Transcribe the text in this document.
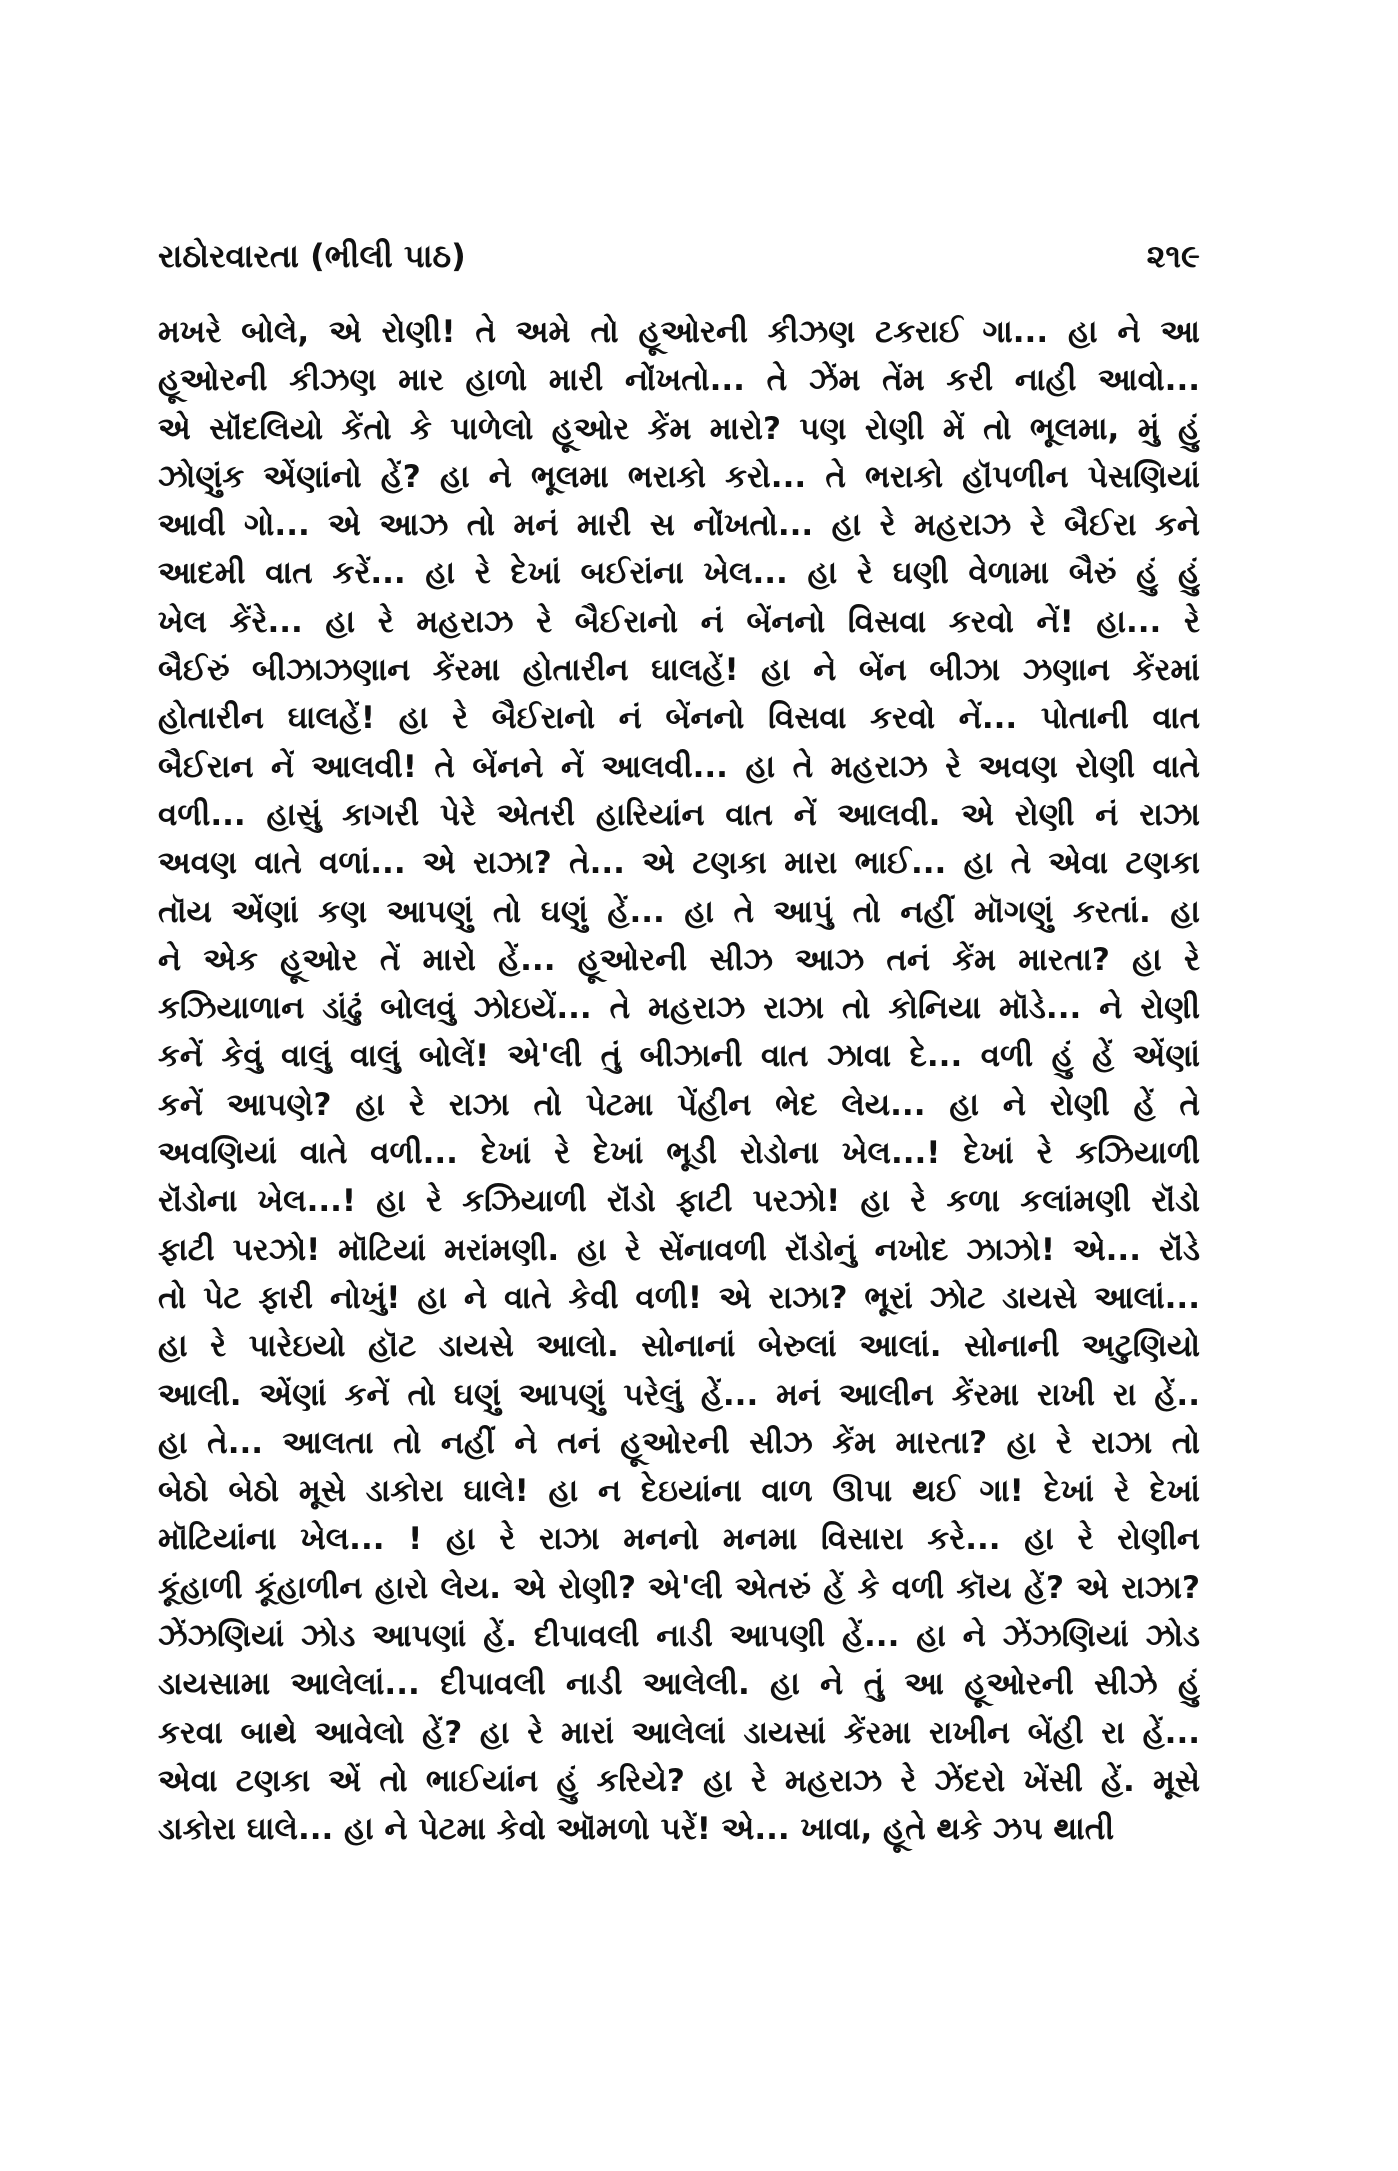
રાઠોરવારતા (ભીલી પાઠ)	૨૧૯
મખરે બોલે, એ રોણી! તે અમે તો હૂઓરની કીઝણ ટકરાઈ ગા... હા ને આ
હૂઓરની કીઝણ માર હાળો મારી નોંખતો... તે ઝેંમ તેંમ કરી નાહી આવો...
એ સૉંદલિયો કેંતો કે પાળેલો હૂઓર કેંમ મારો? પણ રોણી મેં તો ભૂલમા, મું હું
ઝોણુંક એંણાંનો હેં? હા ને ભૂલમા ભરાકો કરો... તે ભરાકો હૉંપળીન પેસણિયાં
આવી ગો... એ આઝ તો મનં મારી સ નોંખતો... હા રે મહરાઝ રે બૈઈરા કને
આદમી વાત કરેં... હા રે દેખાં બઈરાંના ખેલ... હા રે ઘણી વેળામા બૈરું હું હું
ખેલ કેંરે... હા રે મહરાઝ રે બૈઈરાનો નં બેંનનો વિસવા કરવો નેં! હા... રે
બૈઈરું બીઝાઝણાન કેંરમા હોતારીન ઘાલહેં! હા ને બેંન બીઝા ઝણાન કેંરમાં
હોતારીન ઘાલહેં! હા રે બૈઈરાનો નં બેંનનો વિસવા કરવો નેં... પોતાની વાત
બૈઈરાન નેં આલવી! તે બેંનને નેં આલવી... હા તે મહરાઝ રે અવણ રોણી વાતે
વળી... હાસું કાગરી પેરે એતરી હારિયાંન વાત નેં આલવી. એ રોણી નં રાઝા
અવણ વાતે વળાં... એ રાઝા? તે... એ ટણકા મારા ભાઈ... હા તે એવા ટણકા
તૉય એંણાં કણ આપણું તો ઘણું હેં... હા તે આપું તો નહીં મૉગણું કરતાં. હા
ને એક હૂઓર તેં મારો હેં... હૂઓરની સીઝ આઝ તનં કેંમ મારતા? હા રે
કઝિયાળાન ડાંઢું બોલવું ઝોઇયેં... તે મહરાઝ રાઝા તો કોનિયા મૉડે... ને રોણી
કનેં કેવું વાલું વાલું બોલેં! એ'લી તું બીઝાની વાત ઝાવા દે... વળી હું હેં એંણાં
કનેં આપણે? હા રે રાઝા તો પેટમા પેંહીન ભેદ લેય... હા ને રોણી હેં તે
અવણિયાં વાતે વળી... દેખાં રે દેખાં ભૂડી રોડોના ખેલ...! દેખાં રે કઝિયાળી
રૉંડોના ખેલ...! હા રે કઝિયાળી રૉંડો ફાટી પરઝો! હા રે કળા કલાંમણી રૉંડો
ફાટી પરઝો! મૉટિયાં મરાંમણી. હા રે સેંનાવળી રૉંડોનું નખોદ ઝાઝો! એ... રૉંડે
તો પેટ ફારી નોખું! હા ને વાતે કેવી વળી! એ રાઝા? ભૂરાં ઝોટ ડાયસે આલાં...
હા રે પારેઇયો હૉટ ડાયસે આલો. સોનાનાં બેરુલાં આલાં. સોનાની અટુણિયો
આલી. એંણાં કનેં તો ઘણું આપણું પરેલું હેં... મનં આલીન કેંરમા રાખી રા હેં..
હા તે... આલતા તો નહીં ને તનં હૂઓરની સીઝ કેંમ મારતા? હા રે રાઝા તો
બેઠો બેઠો મૂસે ડાકોરા ઘાલે! હા ન દેઇયાંના વાળ ઊપા થઈ ગા! દેખાં રે દેખાં
મૉટિયાંના ખેલ... ! હા રે રાઝા મનનો મનમા વિસારા કરે... હા રે રોણીન
કૂંહાળી કૂંહાળીન હારો લેય. એ રોણી? એ'લી એતરું હેં કે વળી કૉય હેં? એ રાઝા?
ઝેંઝણિયાં ઝોડ આપણાં હેં. દીપાવલી નાડી આપણી હેં... હા ને ઝેંઝણિયાં ઝોડ
ડાયસામા આલેલાં... દીપાવલી નાડી આલેલી. હા ને તું આ હૂઓરની સીઝે હું
કરવા બાથે આવેલો હેં? હા રે મારાં આલેલાં ડાયસાં કેંરમા રાખીન બેંહી રા હેં...
એવા ટણકા એં તો ભાઈયાંન હું કરિયે? હા રે મહરાઝ રે ઝેંદરો ખેંસી હેં. મૂસે
ડાકોરા ઘાલે... હા ને પેટમા કેવો ઑમળો પરેં! એ... ખાવા, હૂતે થકે ઝપ થાતી
